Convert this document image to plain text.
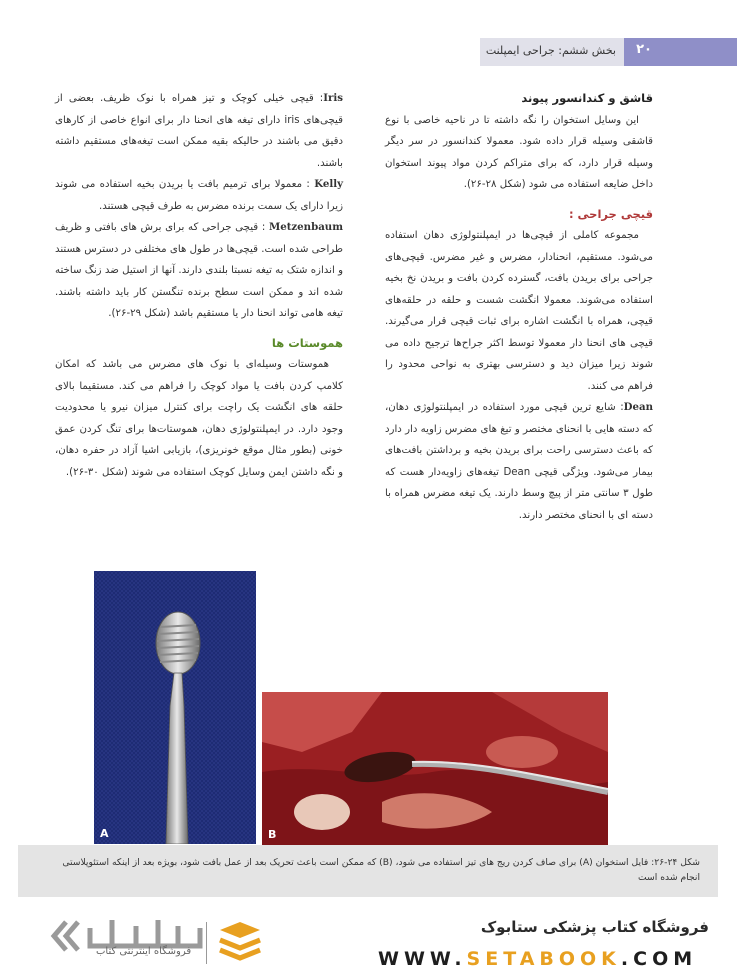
بخش ششم: جراحی ایمپلنت	۲۰

قاشق و کندانسور پیوند

این وسایل استخوان را نگه داشته تا در ناحیه خاصی با نوع قاشقی وسیله قرار داده شود. معمولا کندانسور در سر دیگر وسیله قرار دارد، که برای متراکم کردن مواد پیوند استخوان داخل ضایعه استفاده می شود (شکل ۲۸-۲۶).

قیچی جراحی :

مجموعه کاملی از قیچی‌ها در ایمپلنتولوژی دهان استفاده می‌شود. مستقیم، انحنادار، مضرس و غیر مضرس. قیچی‌های جراحی برای بریدن بافت، گسترده کردن بافت و بریدن نخ بخیه استفاده می‌شوند. معمولا انگشت شست و حلقه در حلقه‌های قیچی، همراه با انگشت اشاره برای ثبات قیچی قرار می‌گیرند. قیچی های انحنا دار معمولا توسط اکثر جراح‌ها ترجیح داده می شوند زیرا میزان دید و دسترسی بهتری به نواحی محدود را فراهم می کنند.

Dean: شایع ترین قیچی مورد استفاده در ایمپلنتولوژی دهان، که دسته هایی با انحنای مختصر و تیغ های مضرس زاویه دار دارد که باعث دسترسی راحت برای بریدن بخیه و برداشتن بافت‌های بیمار می‌شود. ویژگی قیچی Dean تیغه‌های زاویه‌دار هست که طول ۳ سانتی متر از پیچ وسط دارند. یک تیغه مضرس همراه با دسته ای با انحنای مختصر دارند.

Iris: قیچی خیلی کوچک و تیز همراه با نوک ظریف. بعضی از قیچی‌های iris دارای تیغه های انحنا دار برای انواع خاصی از کارهای دقیق می باشند در حالیکه بقیه ممکن است تیغه‌های مستقیم داشته باشند.

Kelly : معمولا برای ترمیم بافت یا بریدن بخیه استفاده می شوند زیرا دارای یک سمت برنده مضرس به طرف قیچی هستند.

Metzenbaum : قیچی جراحی که برای برش های بافتی و ظریف طراحی شده است. قیچی‌ها در طول های مختلفی در دسترس هستند و اندازه شتک به تیغه نسبتا بلندی دارند. آنها از استیل ضد زنگ ساخته شده اند و ممکن است سطح برنده تنگستن کار باید داشته باشند. تیغه هامی تواند انحنا دار یا مستقیم باشد (شکل ۲۹-۲۶).

هموستات ها

هموستات وسیله‌ای با نوک های مضرس می باشد که امکان کلامپ کردن بافت یا مواد کوچک را فراهم می کند. مستقیما بالای حلقه های انگشت یک راچت برای کنترل میزان نیرو یا محدودیت وجود دارد. در ایمپلنتولوژی دهان، هموستات‌ها برای تنگ کردن عمق خونی (بطور مثال موقع خونریزی)، بازیابی اشیا آزاد در حفره دهان، و نگه داشتن ایمن وسایل کوچک استفاده می شوند (شکل ۳۰-۲۶).

A	B
شکل ۲۴-۲۶: فایل استخوان (A) برای صاف کردن ریج های تیز استفاده می شود، (B) که ممکن است باعث تحریک بعد از عمل بافت شود، بویژه بعد از اینکه استئوپلاستی انجام شده است
فروشگاه اینترنتی کتاب
فروشگاه کتاب پزشکی ستابوک
WWW.SETABOOK.COM
